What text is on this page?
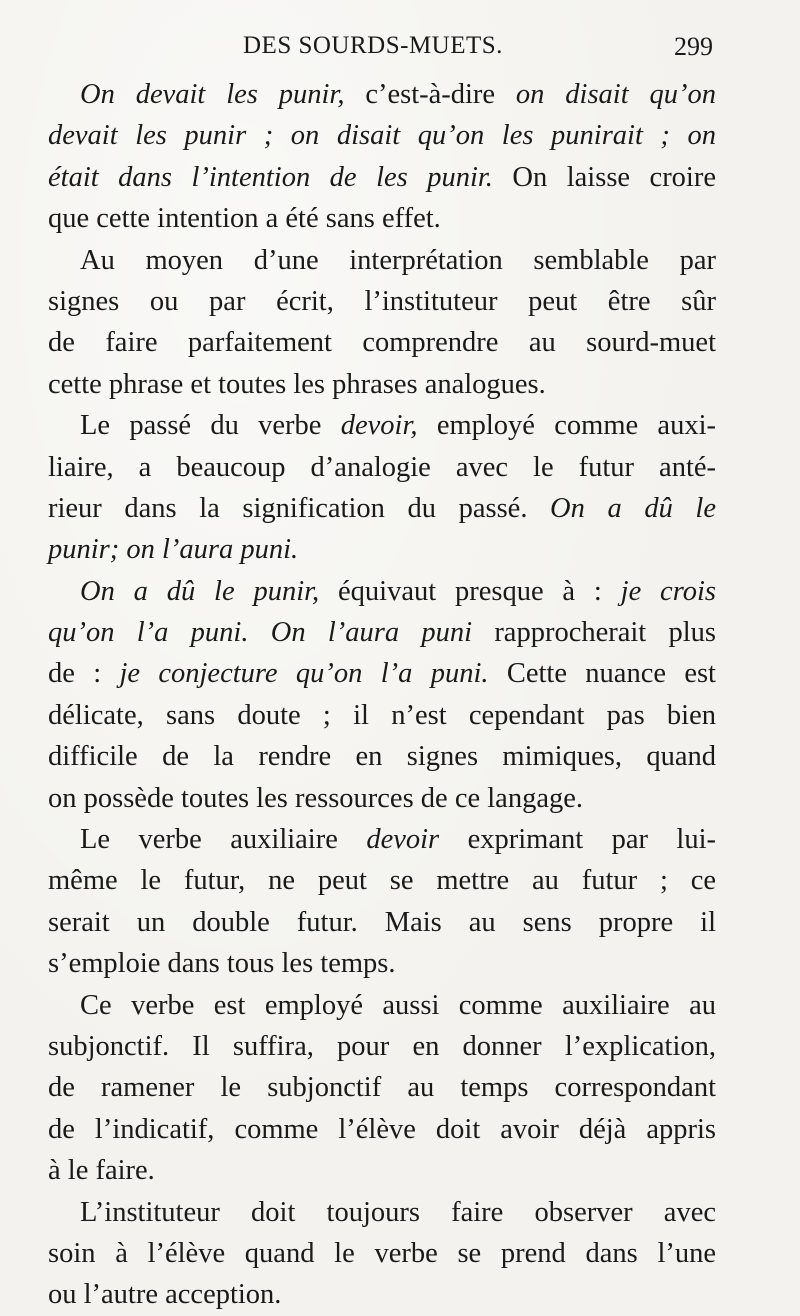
DES SOURDS-MUETS.	299
On devait les punir, c’est-à-dire on disait qu’on
devait les punir ; on disait qu’on les punirait ; on
était dans l’intention de les punir. On laisse croire
que cette intention a été sans effet.
Au moyen d’une interprétation semblable par
signes ou par écrit, l’instituteur peut être sûr
de faire parfaitement comprendre au sourd-muet
cette phrase et toutes les phrases analogues.
Le passé du verbe devoir, employé comme auxi-
liaire, a beaucoup d’analogie avec le futur anté-
rieur dans la signification du passé. On a dû le
punir; on l’aura puni.
On a dû le punir, équivaut presque à : je crois
qu’on l’a puni. On l’aura puni rapprocherait plus
de : je conjecture qu’on l’a puni. Cette nuance est
délicate, sans doute ; il n’est cependant pas bien
difficile de la rendre en signes mimiques, quand
on possède toutes les ressources de ce langage.
Le verbe auxiliaire devoir exprimant par lui-
même le futur, ne peut se mettre au futur ; ce
serait un double futur. Mais au sens propre il
s’emploie dans tous les temps.
Ce verbe est employé aussi comme auxiliaire au
subjonctif. Il suffira, pour en donner l’explication,
de ramener le subjonctif au temps correspondant
de l’indicatif, comme l’élève doit avoir déjà appris
à le faire.
L’instituteur doit toujours faire observer avec
soin à l’élève quand le verbe se prend dans l’une
ou l’autre acception.
